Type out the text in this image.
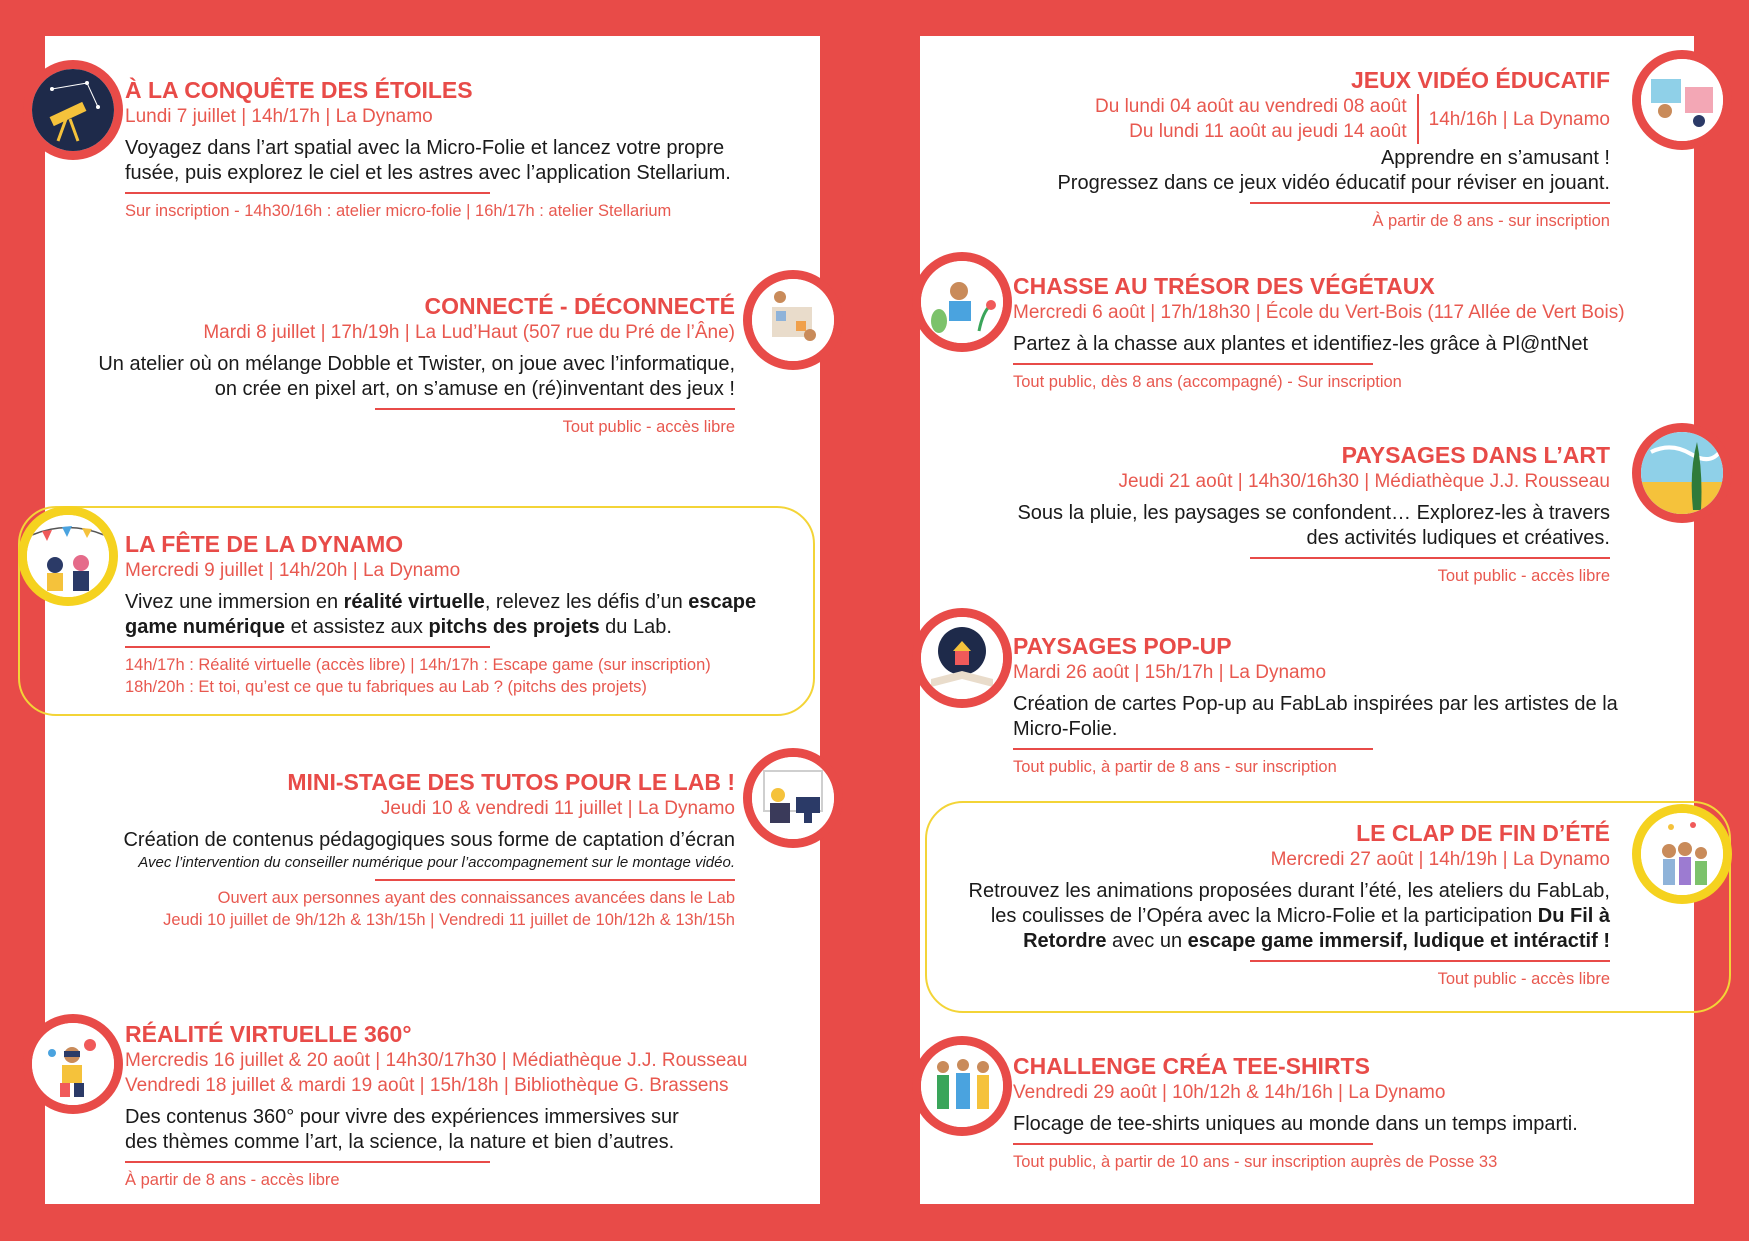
À LA CONQUÊTE DES ÉTOILES
Lundi 7 juillet | 14h/17h | La Dynamo
Voyagez dans l’art spatial avec la Micro-Folie et lancez votre propre
fusée, puis explorez le ciel et les astres avec l’application Stellarium.
Sur inscription - 14h30/16h : atelier micro-folie | 16h/17h : atelier Stellarium
CONNECTÉ - DÉCONNECTÉ
Mardi 8 juillet | 17h/19h | La Lud’Haut (507 rue du Pré de l’Âne)
Un atelier où on mélange Dobble et Twister, on joue avec l’informatique,
on crée en pixel art, on s’amuse en (ré)inventant des jeux !
Tout public - accès libre
LA FÊTE DE LA DYNAMO
Mercredi 9 juillet | 14h/20h | La Dynamo
Vivez une immersion en réalité virtuelle, relevez les défis d’un escape game numérique et assistez aux pitchs des projets du Lab.
14h/17h : Réalité virtuelle (accès libre) | 14h/17h : Escape game (sur inscription)
18h/20h : Et toi, qu’est ce que tu fabriques au Lab ? (pitchs des projets)
MINI-STAGE DES TUTOS POUR LE LAB !
Jeudi 10 & vendredi 11 juillet | La Dynamo
Création de contenus pédagogiques sous forme de captation d’écran
Avec l’intervention du conseiller numérique pour l’accompagnement sur le montage vidéo.
Ouvert aux personnes ayant des connaissances avancées dans le Lab
Jeudi 10 juillet de 9h/12h & 13h/15h | Vendredi 11 juillet de 10h/12h & 13h/15h
RÉALITÉ VIRTUELLE 360°
Mercredis 16 juillet & 20 août | 14h30/17h30 | Médiathèque J.J. Rousseau
Vendredi 18 juillet & mardi 19 août | 15h/18h | Bibliothèque G. Brassens
Des contenus 360° pour vivre des expériences immersives sur
des thèmes comme l’art, la science, la nature et bien d’autres.
À partir de 8 ans - accès libre
JEUX VIDÉO ÉDUCATIF
Du lundi 04 août au vendredi 08 août
Du lundi 11 août au jeudi 14 août
14h/16h | La Dynamo
Apprendre en s’amusant !
Progressez dans ce jeux vidéo éducatif pour réviser en jouant.
À partir de 8 ans - sur inscription
CHASSE AU TRÉSOR DES VÉGÉTAUX
Mercredi 6 août | 17h/18h30 | École du Vert-Bois (117 Allée de Vert Bois)
Partez à la chasse aux plantes et identifiez-les grâce à Pl@ntNet
Tout public, dès 8 ans (accompagné) - Sur inscription
PAYSAGES DANS L’ART
Jeudi 21 août | 14h30/16h30 | Médiathèque J.J. Rousseau
Sous la pluie, les paysages se confondent… Explorez-les à travers
des activités ludiques et créatives.
Tout public - accès libre
PAYSAGES POP-UP
Mardi 26 août | 15h/17h | La Dynamo
Création de cartes Pop-up au FabLab inspirées par les artistes de la
Micro-Folie.
Tout public, à partir de 8 ans - sur inscription
LE CLAP DE FIN D’ÉTÉ
Mercredi 27 août | 14h/19h | La Dynamo
Retrouvez les animations proposées durant l’été, les ateliers du FabLab,
les coulisses de l’Opéra avec la Micro-Folie et la participation Du Fil à
Retordre avec un escape game immersif, ludique et intéractif !
Tout public - accès libre
CHALLENGE CRÉA TEE-SHIRTS
Vendredi 29 août | 10h/12h & 14h/16h | La Dynamo
Flocage de tee-shirts uniques au monde dans un temps imparti.
Tout public, à partir de 10 ans - sur inscription auprès de Posse 33
